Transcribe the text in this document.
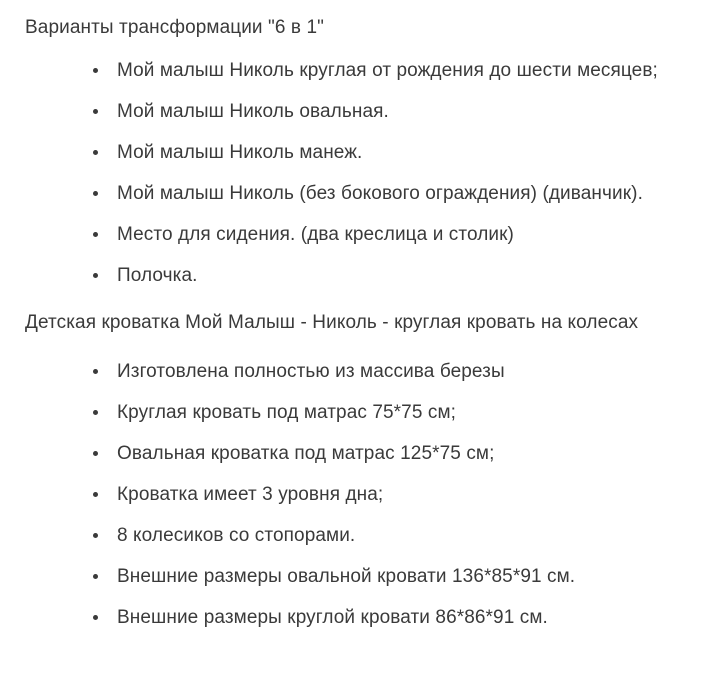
Варианты трансформации "6 в 1"

Мой малыш Николь круглая от рождения до шести месяцев;
Мой малыш Николь овальная.
Мой малыш Николь манеж.
Мой малыш Николь (без бокового ограждения) (диванчик).
Место для сидения. (два креслица и столик)
Полочка.

Детская кроватка Мой Малыш - Николь - круглая кровать на колесах

Изготовлена полностью из массива березы
Круглая кровать под матрас 75*75 см;
Овальная кроватка под матрас 125*75 см;
Кроватка имеет 3 уровня дна;
8 колесиков со стопорами.
Внешние размеры овальной кровати 136*85*91 см.
Внешние размеры круглой кровати 86*86*91 см.
